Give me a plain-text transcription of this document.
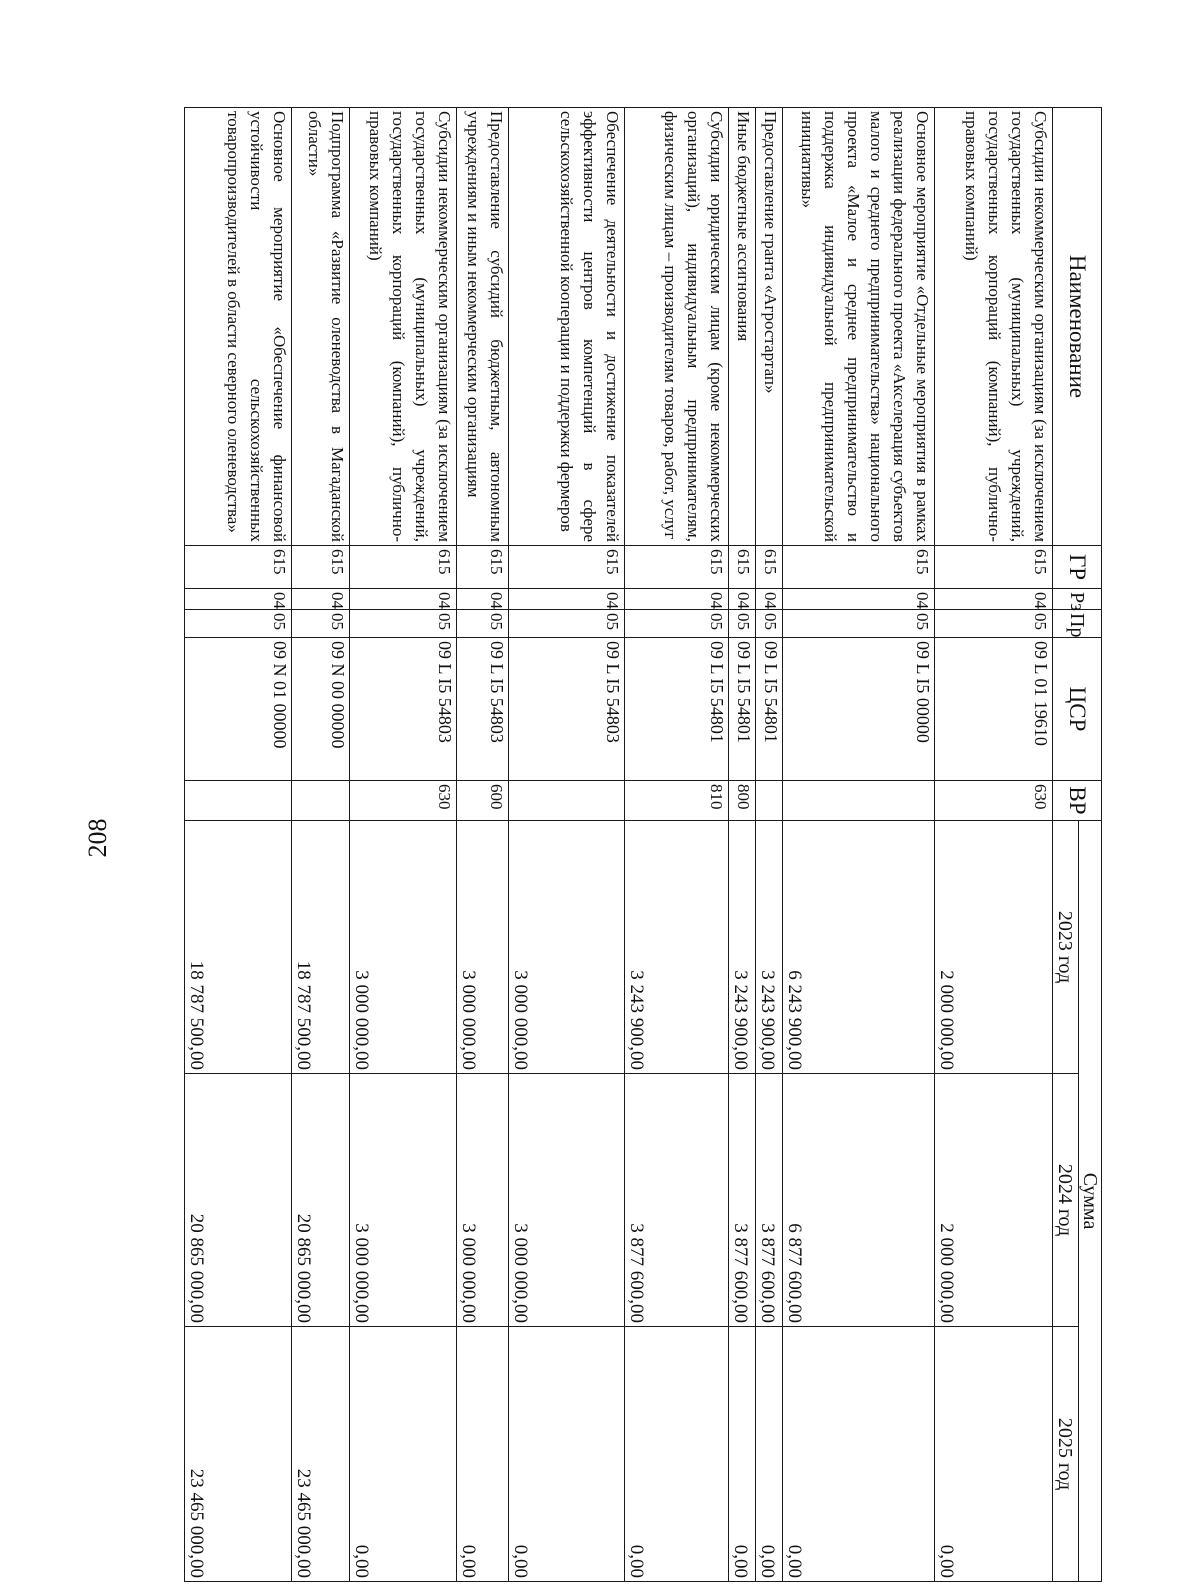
208
Наименование	ГР	Рз	Пр	ЦСР	ВР	Сумма		
						2023 год	2024 год	2025 год
Субсидии некоммерческим организациям (за исключением государственных (муниципальных) учреждений, государственных корпораций (компаний), публично-правовых компаний)	615	04	05	09 L 01 19610	630	2 000 000,00	2 000 000,00	0,00
Основное мероприятие «Отдельные мероприятия в рамках реализации федерального проекта «Акселерация субъектов малого и среднего предпринимательства» национального проекта «Малое и среднее предпринимательство и поддержка индивидуальной предпринимательской инициативы»	615	04	05	09 L I5 00000		6 243 900,00	6 877 600,00	0,00
Предоставление гранта «Агростартап»	615	04	05	09 L I5 54801		3 243 900,00	3 877 600,00	0,00
Иные бюджетные ассигнования	615	04	05	09 L I5 54801	800	3 243 900,00	3 877 600,00	0,00
Субсидии юридическим лицам (кроме некоммерческих организаций), индивидуальным предпринимателям, физическим лицам – производителям товаров, работ, услуг	615	04	05	09 L I5 54801	810	3 243 900,00	3 877 600,00	0,00
Обеспечение деятельности и достижение показателей эффективности центров компетенций в сфере сельскохозяйственной кооперации и поддержки фермеров	615	04	05	09 L I5 54803		3 000 000,00	3 000 000,00	0,00
Предоставление субсидий бюджетным, автономным учреждениям и иным некоммерческим организациям	615	04	05	09 L I5 54803	600	3 000 000,00	3 000 000,00	0,00
Субсидии некоммерческим организациям (за исключением государственных (муниципальных) учреждений, государственных корпораций (компаний), публично-правовых компаний)	615	04	05	09 L I5 54803	630	3 000 000,00	3 000 000,00	0,00
Подпрограмма «Развитие оленеводства в Магаданской области»	615	04	05	09 N 00 00000		18 787 500,00	20 865 000,00	23 465 000,00
Основное мероприятие «Обеспечение финансовой устойчивости сельскохозяйственных товаропроизводителей в области северного оленеводства»	615	04	05	09 N 01 00000		18 787 500,00	20 865 000,00	23 465 000,00
